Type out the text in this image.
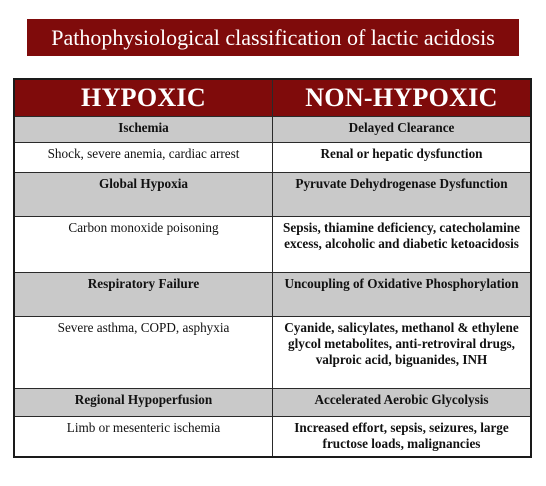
Pathophysiological classification of lactic acidosis
HYPOXIC	NON-HYPOXIC
Ischemia	Delayed Clearance
Shock, severe anemia, cardiac arrest	Renal or hepatic dysfunction
Global Hypoxia	Pyruvate Dehydrogenase Dysfunction
Carbon monoxide poisoning	Sepsis, thiamine deficiency, catecholamine excess, alcoholic and diabetic ketoacidosis
Respiratory Failure	Uncoupling of Oxidative Phosphorylation
Severe asthma, COPD, asphyxia	Cyanide, salicylates, methanol & ethylene glycol metabolites, anti-retroviral drugs, valproic acid, biguanides, INH
Regional Hypoperfusion	Accelerated Aerobic Glycolysis
Limb or mesenteric ischemia	Increased effort, sepsis, seizures, large fructose loads, malignancies
